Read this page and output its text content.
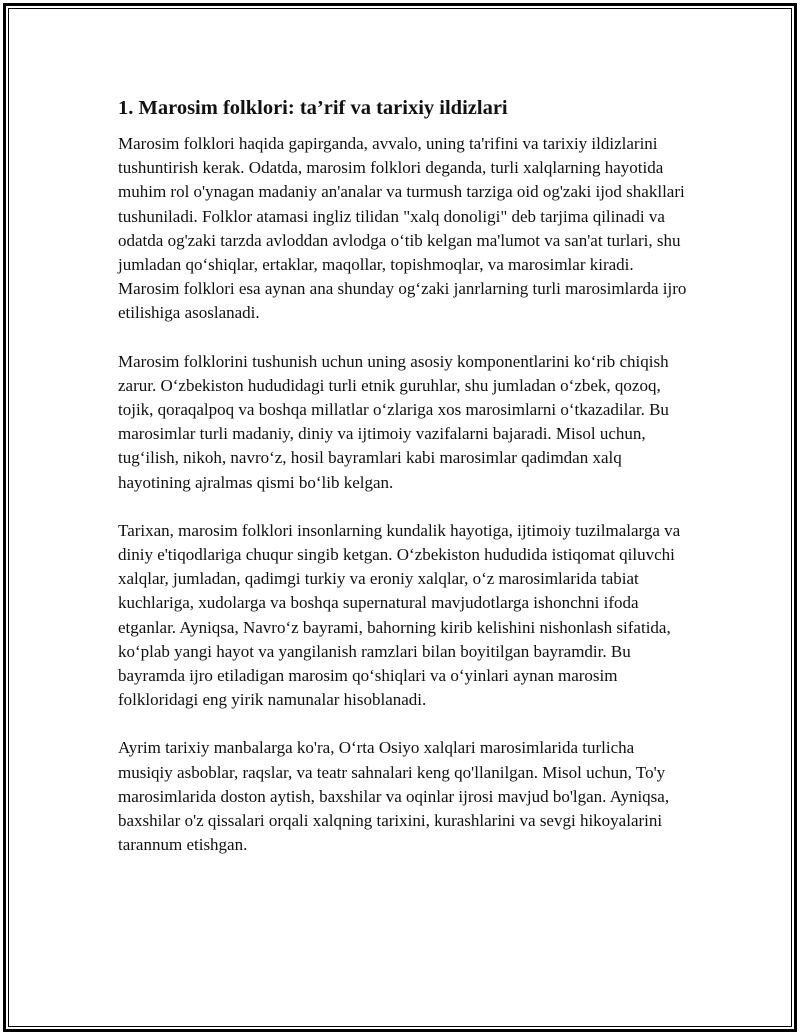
1. Marosim folklori: ta’rif va tarixiy ildizlari

Marosim folklori haqida gapirganda, avvalo, uning ta'rifini va tarixiy ildizlarini tushuntirish kerak. Odatda, marosim folklori deganda, turli xalqlarning hayotida muhim rol o'ynagan madaniy an'analar va turmush tarziga oid og'zaki ijod shakllari tushuniladi. Folklor atamasi ingliz tilidan "xalq donoligi" deb tarjima qilinadi va odatda og'zaki tarzda avloddan avlodga o‘tib kelgan ma'lumot va san'at turlari, shu jumladan qo‘shiqlar, ertaklar, maqollar, topishmoqlar, va marosimlar kiradi. Marosim folklori esa aynan ana shunday og‘zaki janrlarning turli marosimlarda ijro etilishiga asoslanadi.

Marosim folklorini tushunish uchun uning asosiy komponentlarini ko‘rib chiqish zarur. O‘zbekiston hududidagi turli etnik guruhlar, shu jumladan o‘zbek, qozoq, tojik, qoraqalpoq va boshqa millatlar o‘zlariga xos marosimlarni o‘tkazadilar. Bu marosimlar turli madaniy, diniy va ijtimoiy vazifalarni bajaradi. Misol uchun, tug‘ilish, nikoh, navro‘z, hosil bayramlari kabi marosimlar qadimdan xalq hayotining ajralmas qismi bo‘lib kelgan.

Tarixan, marosim folklori insonlarning kundalik hayotiga, ijtimoiy tuzilmalarga va diniy e'tiqodlariga chuqur singib ketgan. O‘zbekiston hududida istiqomat qiluvchi xalqlar, jumladan, qadimgi turkiy va eroniy xalqlar, o‘z marosimlarida tabiat kuchlariga, xudolarga va boshqa supernatural mavjudotlarga ishonchni ifoda etganlar. Ayniqsa, Navro‘z bayrami, bahorning kirib kelishini nishonlash sifatida, ko‘plab yangi hayot va yangilanish ramzlari bilan boyitilgan bayramdir. Bu bayramda ijro etiladigan marosim qo‘shiqlari va o‘yinlari aynan marosim folkloridagi eng yirik namunalar hisoblanadi.

Ayrim tarixiy manbalarga ko'ra, O‘rta Osiyo xalqlari marosimlarida turlicha musiqiy asboblar, raqslar, va teatr sahnalari keng qo'llanilgan. Misol uchun, To'y marosimlarida doston aytish, baxshilar va oqinlar ijrosi mavjud bo'lgan. Ayniqsa, baxshilar o'z qissalari orqali xalqning tarixini, kurashlarini va sevgi hikoyalarini tarannum etishgan.
